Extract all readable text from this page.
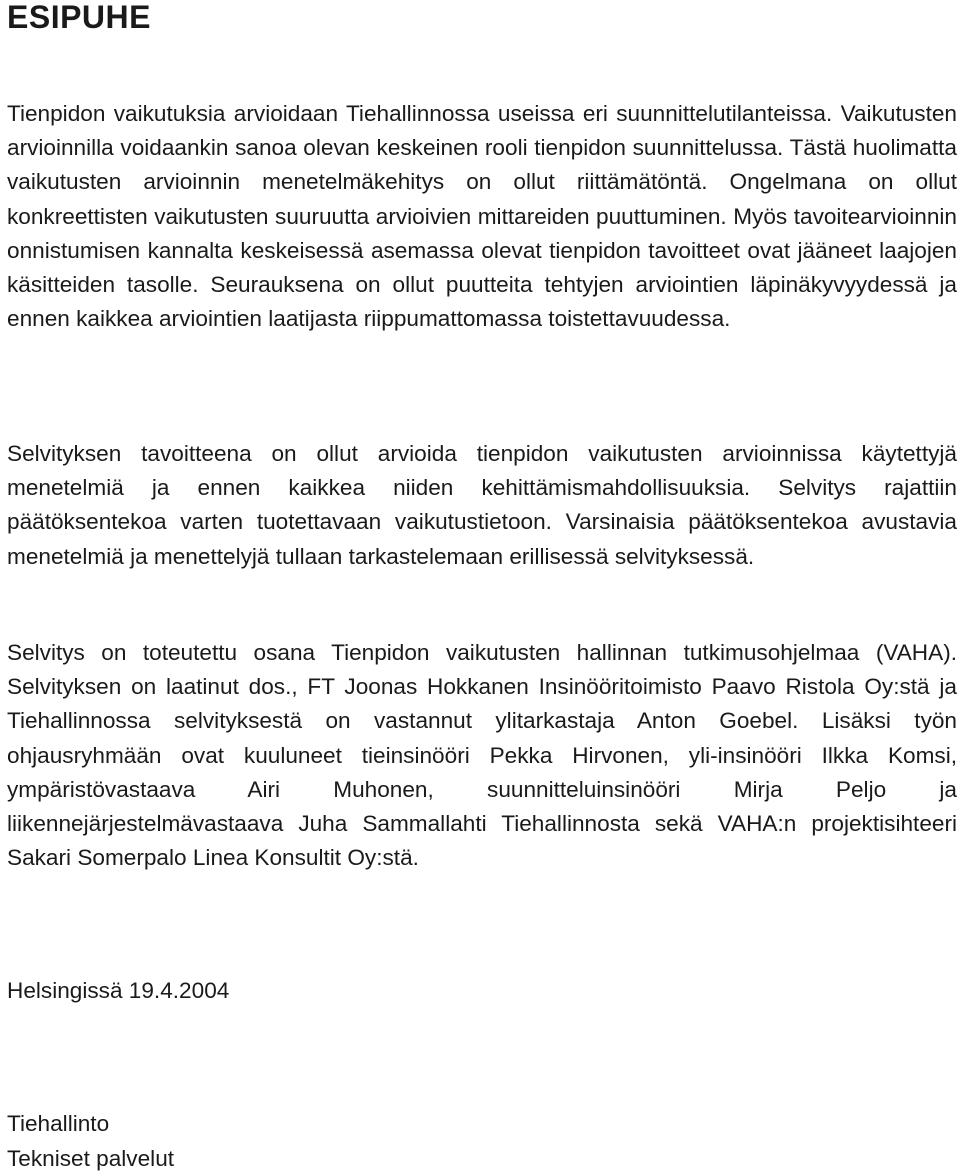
ESIPUHE

Tienpidon vaikutuksia arvioidaan Tiehallinnossa useissa eri suunnittelutilanteissa. Vaikutusten arvioinnilla voidaankin sanoa olevan keskeinen rooli tienpidon suunnittelussa. Tästä huolimatta vaikutusten arvioinnin menetelmäkehitys on ollut riittämätöntä. Ongelmana on ollut konkreettisten vaikutusten suuruutta arvioivien mittareiden puuttuminen. Myös tavoitearvioinnin onnistumisen kannalta keskeisessä asemassa olevat tienpidon tavoitteet ovat jääneet laajojen käsitteiden tasolle. Seurauksena on ollut puutteita tehtyjen arviointien läpinäkyvyydessä ja ennen kaikkea arviointien laatijasta riippumattomassa toistettavuudessa.

Selvityksen tavoitteena on ollut arvioida tienpidon vaikutusten arvioinnissa käytettyjä menetelmiä ja ennen kaikkea niiden kehittämismahdollisuuksia. Selvitys rajattiin päätöksentekoa varten tuotettavaan vaikutustietoon. Varsinaisia päätöksentekoa avustavia menetelmiä ja menettelyjä tullaan tarkastelemaan erillisessä selvityksessä.

Selvitys on toteutettu osana Tienpidon vaikutusten hallinnan tutkimusohjelmaa (VAHA). Selvityksen on laatinut dos., FT Joonas Hokkanen Insinööritoimisto Paavo Ristola Oy:stä ja Tiehallinnossa selvityksestä on vastannut ylitarkastaja Anton Goebel. Lisäksi työn ohjausryhmään ovat kuuluneet tieinsinööri Pekka Hirvonen, yli-insinööri Ilkka Komsi, ympäristövastaava Airi Muhonen, suunnitteluinsinööri Mirja Peljo ja liikennejärjestelmävastaava Juha Sammallahti Tiehallinnosta sekä VAHA:n projektisihteeri Sakari Somerpalo Linea Konsultit Oy:stä.

Helsingissä 19.4.2004

Tiehallinto

Tekniset palvelut
